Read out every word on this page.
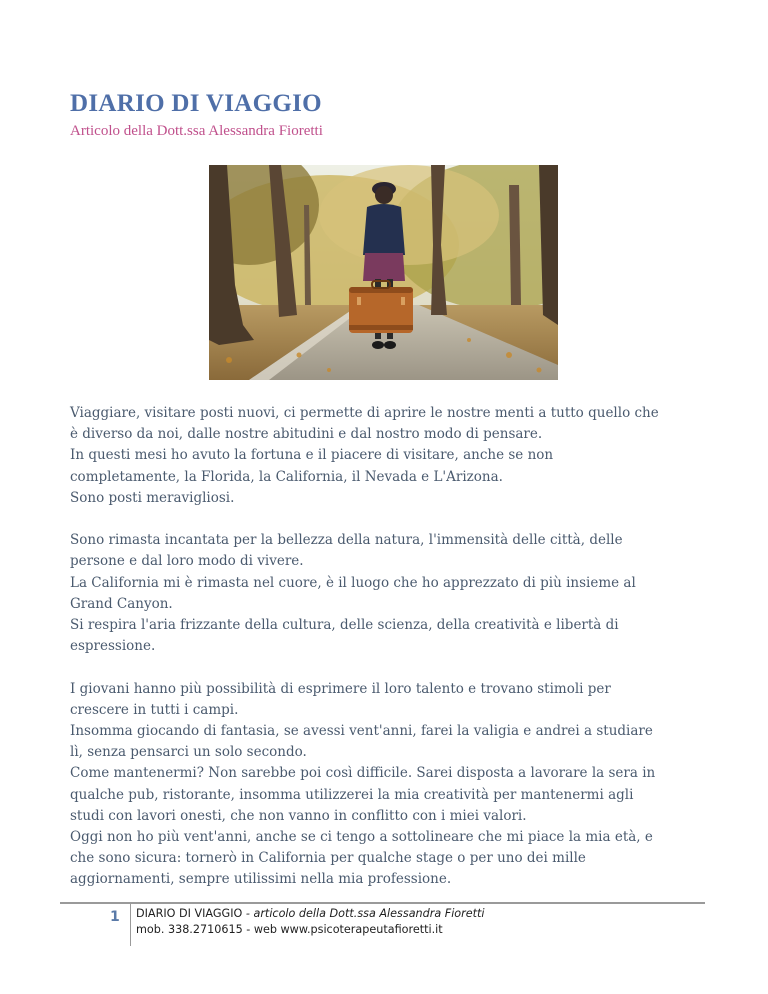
DIARIO DI VIAGGIO
Articolo della Dott.ssa Alessandra Fioretti

Viaggiare, visitare posti nuovi, ci permette di aprire le nostre menti a tutto quello che
è diverso da noi, dalle nostre abitudini e dal nostro modo di pensare.
In questi mesi ho avuto la fortuna e il piacere di visitare, anche se non
completamente, la Florida, la California, il Nevada e L'Arizona.
Sono posti meravigliosi.

Sono rimasta incantata per la bellezza della natura, l'immensità delle città, delle
persone e dal loro modo di vivere.
La California mi è rimasta nel cuore, è il luogo che ho apprezzato di più insieme al
Grand Canyon.
Si respira l'aria frizzante della cultura, delle scienza, della creatività e libertà di
espressione.

I giovani hanno più possibilità di esprimere il loro talento e trovano stimoli per
crescere in tutti i campi.
Insomma giocando di fantasia, se avessi vent'anni, farei la valigia e andrei a studiare
lì, senza pensarci un solo secondo.
Come mantenermi? Non sarebbe poi così difficile. Sarei disposta a lavorare la sera in
qualche pub, ristorante, insomma utilizzerei la mia creatività per mantenermi agli
studi con lavori onesti, che non vanno in conflitto con i miei valori.
Oggi non ho più vent'anni, anche se ci tengo a sottolineare che mi piace la mia età, e
che sono sicura: tornerò in California per qualche stage o per uno dei mille
aggiornamenti, sempre utilissimi nella mia professione.

1 DIARIO DI VIAGGIO - articolo della Dott.ssa Alessandra Fioretti
mob. 338.2710615 - web www.psicoterapeutafioretti.it
